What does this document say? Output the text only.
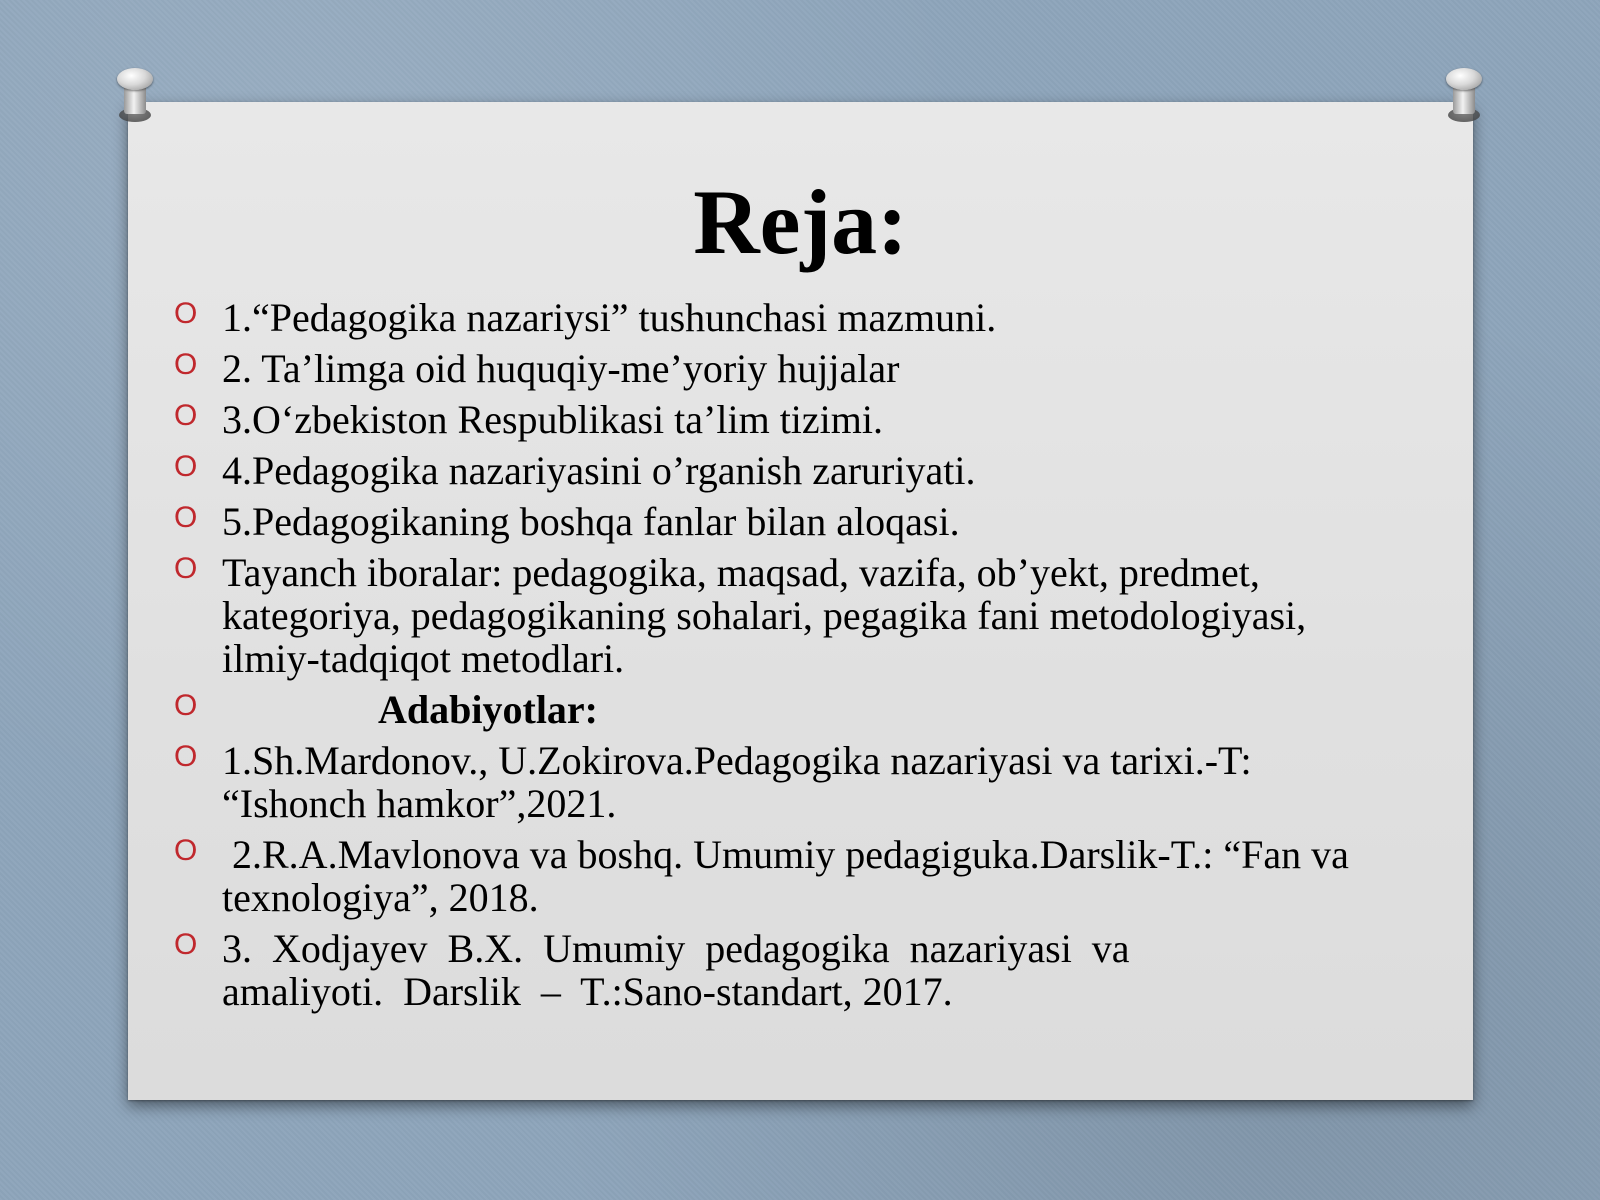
Reja:
O 1.“Pedagogika nazariysi” tushunchasi mazmuni.
O 2. Ta’limga oid huquqiy-me’yoriy hujjalar
O 3.O‘zbekiston Respublikasi ta’lim tizimi.
O 4.Pedagogika nazariyasini o’rganish zaruriyati.
O 5.Pedagogikaning boshqa fanlar bilan aloqasi.
O Tayanch iboralar: pedagogika, maqsad, vazifa, ob’yekt, predmet, kategoriya, pedagogikaning sohalari, pegagika fani metodologiyasi, ilmiy-tadqiqot metodlari.
O	Adabiyotlar:
O 1.Sh.Mardonov., U.Zokirova.Pedagogika nazariyasi va tarixi.-T: “Ishonch hamkor”,2021.
O 2.R.A.Mavlonova va boshq. Umumiy pedagiguka.Darslik-T.: “Fan va texnologiya”, 2018.
O 3.  Xodjayev  B.X.  Umumiy  pedagogika  nazariyasi  va amaliyoti.  Darslik  –  T.:Sano-standart, 2017.
